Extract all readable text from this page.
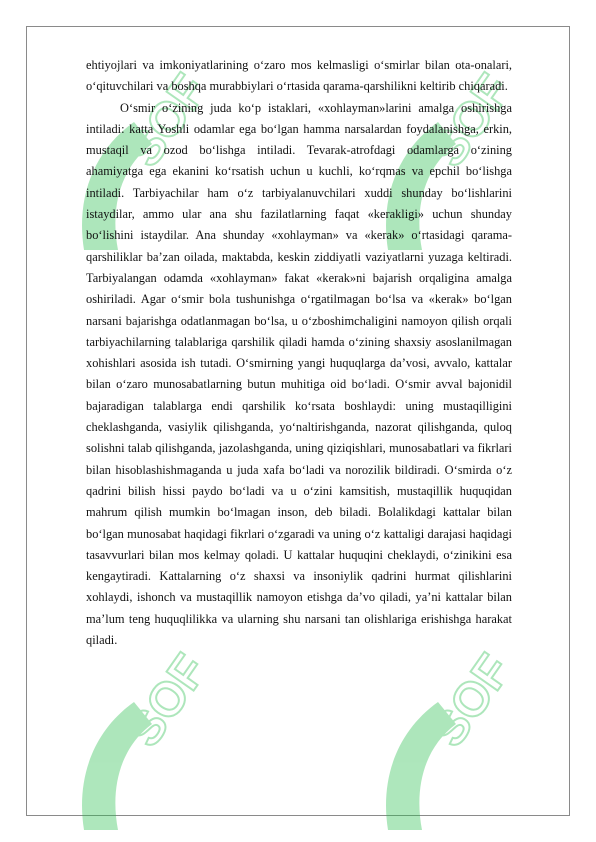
SOF	SOF
SOF	SOF

ehtiyojlari va imkoniyatlarining o‘zaro mos kelmasligi o‘smirlar bilan ota-onalari, o‘qituvchilari va boshqa murabbiylari o‘rtasida qarama-qarshilikni keltirib chiqaradi.

O‘smir o‘zining juda ko‘p istaklari, «xohlayman»larini amalga oshirishga intiladi: katta Yoshli odamlar ega bo‘lgan hamma narsalardan foydalanishga, erkin, mustaqil va ozod bo‘lishga intiladi. Tevarak-atrofdagi odamlarga o‘zining ahamiyatga ega ekanini ko‘rsatish uchun u kuchli, ko‘rqmas va epchil bo‘lishga intiladi. Tarbiyachilar ham o‘z tarbiyalanuvchilari xuddi shunday bo‘lishlarini istaydilar, ammo ular ana shu fazilatlarning faqat «kerakligi» uchun shunday bo‘lishini istaydilar. Ana shunday «xohlayman» va «kerak» o‘rtasidagi qarama-qarshiliklar ba’zan oilada, maktabda, keskin ziddiyatli vaziyatlarni yuzaga keltiradi. Tarbiyalangan odamda «xohlayman» fakat «kerak»ni bajarish orqaligina amalga oshiriladi. Agar o‘smir bola tushunishga o‘rgatilmagan bo‘lsa va «kerak» bo‘lgan narsani bajarishga odatlanmagan bo‘lsa, u o‘zboshimchaligini namoyon qilish orqali tarbiyachilarning talablariga qarshilik qiladi hamda o‘zining shaxsiy asoslanilmagan xohishlari asosida ish tutadi. O‘smirning yangi huquqlarga da’vosi, avvalo, kattalar bilan o‘zaro munosabatlarning butun muhitiga oid bo‘ladi. O‘smir avval bajonidil bajaradigan talablarga endi qarshilik ko‘rsata boshlaydi: uning mustaqilligini cheklashganda, vasiylik qilishganda, yo‘naltirishganda, nazorat qilishganda, quloq solishni talab qilishganda, jazolashganda, uning qiziqishlari, munosabatlari va fikrlari bilan hisoblashishmaganda u juda xafa bo‘ladi va norozilik bildiradi. O‘smirda o‘z qadrini bilish hissi paydo bo‘ladi va u o‘zini kamsitish, mustaqillik huquqidan mahrum qilish mumkin bo‘lmagan inson, deb biladi. Bolalikdagi kattalar bilan bo‘lgan munosabat haqidagi fikrlari o‘zgaradi va uning o‘z kattaligi darajasi haqidagi tasavvurlari bilan mos kelmay qoladi. U kattalar huquqini cheklaydi, o‘zinikini esa kengaytiradi. Kattalarning o‘z shaxsi va insoniylik qadrini hurmat qilishlarini xohlaydi, ishonch va mustaqillik namoyon etishga da’vo qiladi, ya’ni kattalar bilan ma’lum teng huquqlilikka va ularning shu narsani tan olishlariga erishishga harakat qiladi.
